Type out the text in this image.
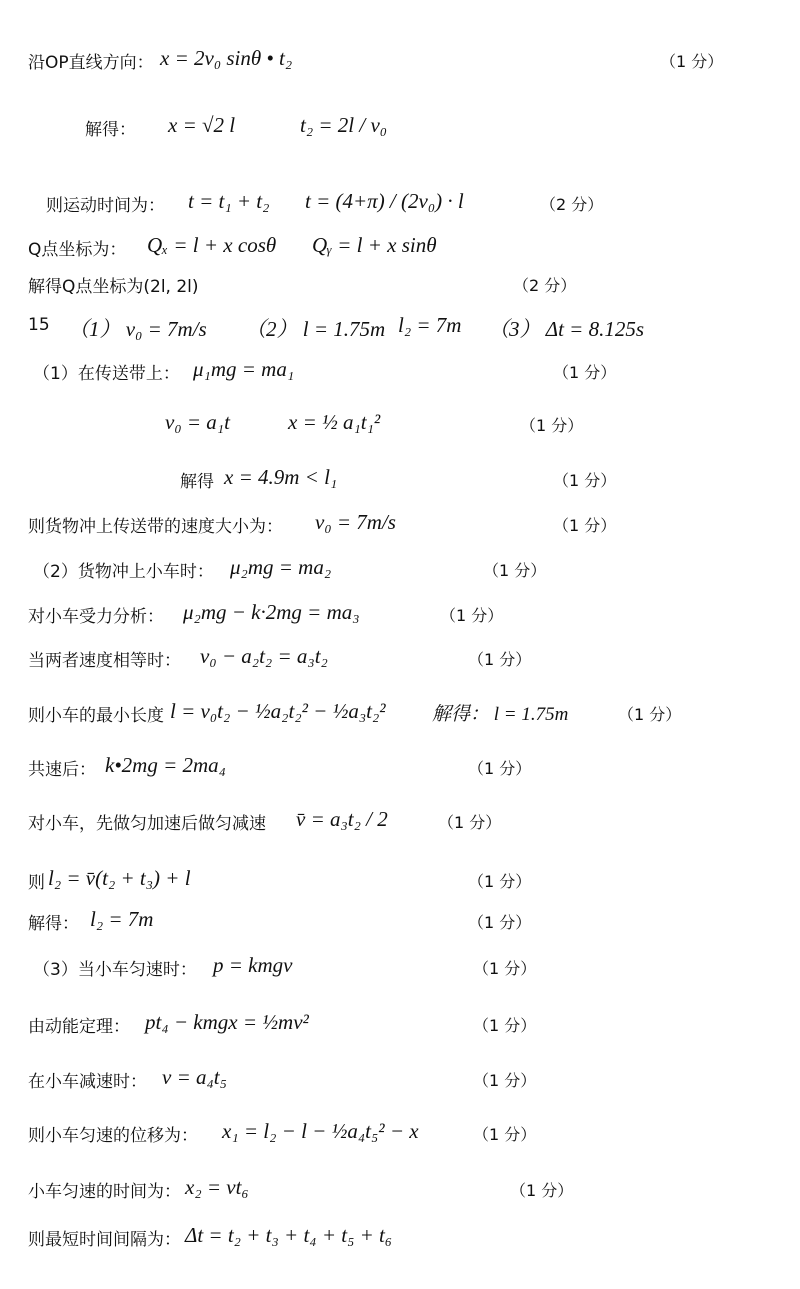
沿OP直线方向： x = 2v₀ sinθ • t₂	（1 分）
解得： x = √2 l	t₂ = 2l / v₀
则运动时间为： t = t₁ + t₂ t = (4+π) / (2v₀) · l	（2 分）
Q点坐标为： Qₓ = l + x cosθ Qᵧ = l + x sinθ
解得Q点坐标为(2l, 2l)	（2 分）
15 （1） v₀ = 7m/s （2） l = 1.75m l₂ = 7m （3） Δt = 8.125s
（1）在传送带上： μ₁mg = ma₁	（1 分）
v₀ = a₁t	x = ½ a₁t₁²	（1 分）
解得 x = 4.9m < l₁	（1 分）
则货物冲上传送带的速度大小为： v₀ = 7m/s	（1 分）
（2）货物冲上小车时： μ₂mg = ma₂	（1 分）
对小车受力分析： μ₂mg − k·2mg = ma₃	（1 分）
当两者速度相等时： v₀ − a₂t₂ = a₃t₂	（1 分）
则小车的最小长度 l = v₀t₂ − ½a₂t₂² − ½a₃t₂² 解得： l = 1.75m	（1 分）
共速后： k•2mg = 2ma₄	（1 分）
对小车，先做匀加速后做匀减速 v̄ = a₃t₂ / 2	（1 分）
则 l₂ = v̄(t₂ + t₃) + l	（1 分）
解得： l₂ = 7m	（1 分）
（3）当小车匀速时： p = kmgv	（1 分）
由动能定理： pt₄ − kmgx = ½mv²	（1 分）
在小车减速时： v = a₄t₅	（1 分）
则小车匀速的位移为： x₁ = l₂ − l − ½a₄t₅² − x	（1 分）
小车匀速的时间为： x₂ = vt₆	（1 分）
则最短时间间隔为： Δt = t₂ + t₃ + t₄ + t₅ + t₆
